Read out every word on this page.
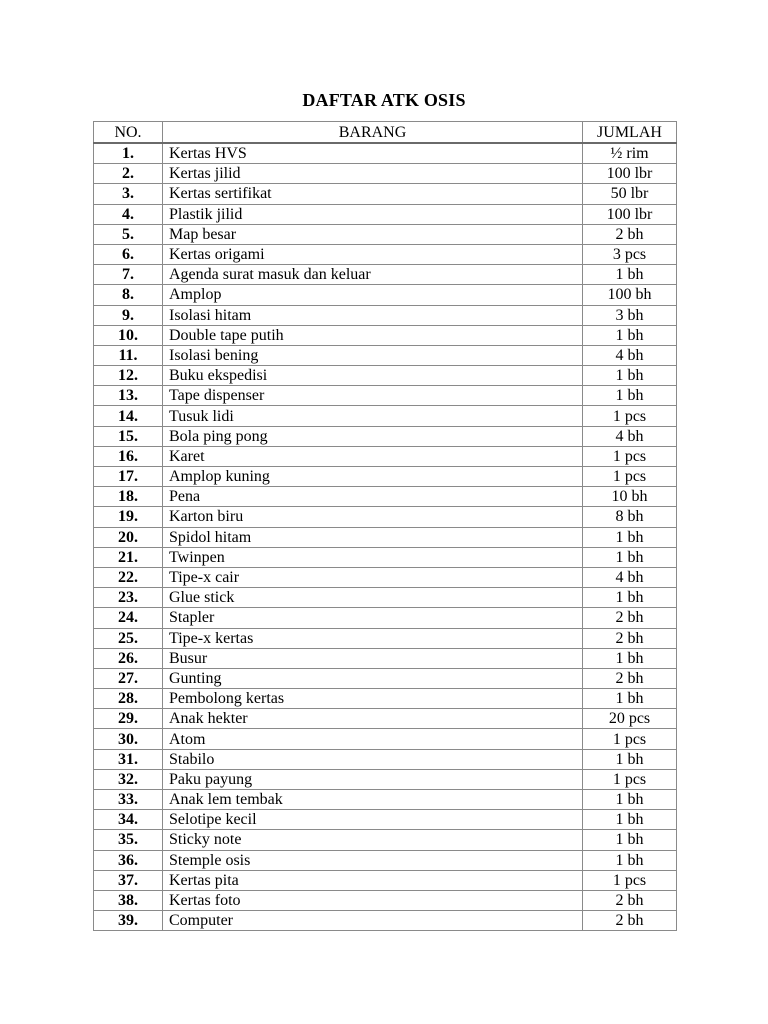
DAFTAR ATK OSIS
NO.	BARANG	JUMLAH
1.	Kertas HVS	½ rim
2.	Kertas jilid	100 lbr
3.	Kertas sertifikat	50 lbr
4.	Plastik jilid	100 lbr
5.	Map besar	2 bh
6.	Kertas origami	3 pcs
7.	Agenda surat masuk dan keluar	1 bh
8.	Amplop	100 bh
9.	Isolasi hitam	3 bh
10.	Double tape putih	1 bh
11.	Isolasi bening	4 bh
12.	Buku ekspedisi	1 bh
13.	Tape dispenser	1 bh
14.	Tusuk lidi	1 pcs
15.	Bola ping pong	4 bh
16.	Karet	1 pcs
17.	Amplop kuning	1 pcs
18.	Pena	10 bh
19.	Karton biru	8 bh
20.	Spidol hitam	1 bh
21.	Twinpen	1 bh
22.	Tipe-x cair	4 bh
23.	Glue stick	1 bh
24.	Stapler	2 bh
25.	Tipe-x kertas	2 bh
26.	Busur	1 bh
27.	Gunting	2 bh
28.	Pembolong kertas	1 bh
29.	Anak hekter	20 pcs
30.	Atom	1 pcs
31.	Stabilo	1 bh
32.	Paku payung	1 pcs
33.	Anak lem tembak	1 bh
34.	Selotipe kecil	1 bh
35.	Sticky note	1 bh
36.	Stemple osis	1 bh
37.	Kertas pita	1 pcs
38.	Kertas foto	2 bh
39.	Computer	2 bh
